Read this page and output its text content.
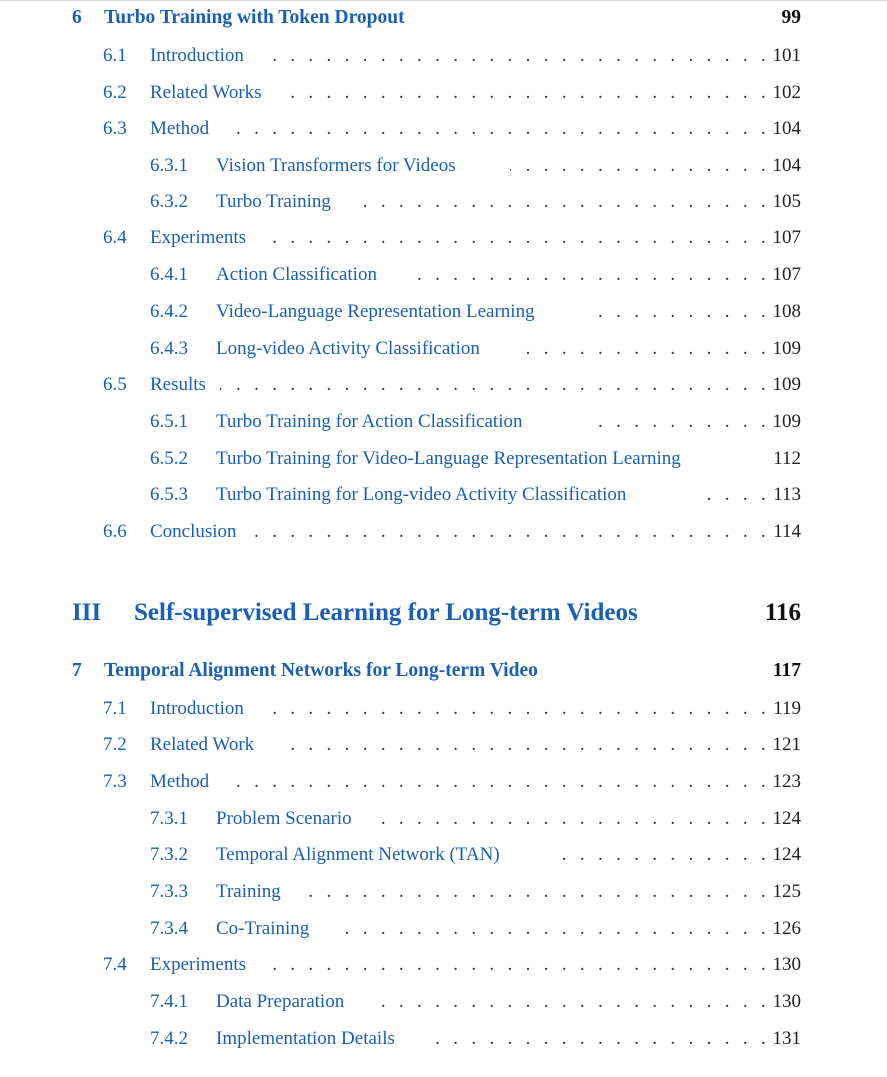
6 Turbo Training with Token Dropout	99
6.1 Introduction . . .	101
6.2 Related Works . . .	102
6.3 Method . . .	104
6.3.1 Vision Transformers for Videos . . .	104
6.3.2 Turbo Training . . .	105
6.4 Experiments . . .	107
6.4.1 Action Classification . . .	107
6.4.2 Video-Language Representation Learning . . .	108
6.4.3 Long-video Activity Classification . . .	109
6.5 Results . . .	109
6.5.1 Turbo Training for Action Classification . . .	109
6.5.2 Turbo Training for Video-Language Representation Learning	112
6.5.3 Turbo Training for Long-video Activity Classification . . .	113
6.6 Conclusion . . .	114
III Self-supervised Learning for Long-term Videos	116
7 Temporal Alignment Networks for Long-term Video	117
7.1 Introduction . . .	119
7.2 Related Work . . .	121
7.3 Method . . .	123
7.3.1 Problem Scenario . . .	124
7.3.2 Temporal Alignment Network (TAN) . . .	124
7.3.3 Training . . .	125
7.3.4 Co-Training . . .	126
7.4 Experiments . . .	130
7.4.1 Data Preparation . . .	130
7.4.2 Implementation Details . . .	131
